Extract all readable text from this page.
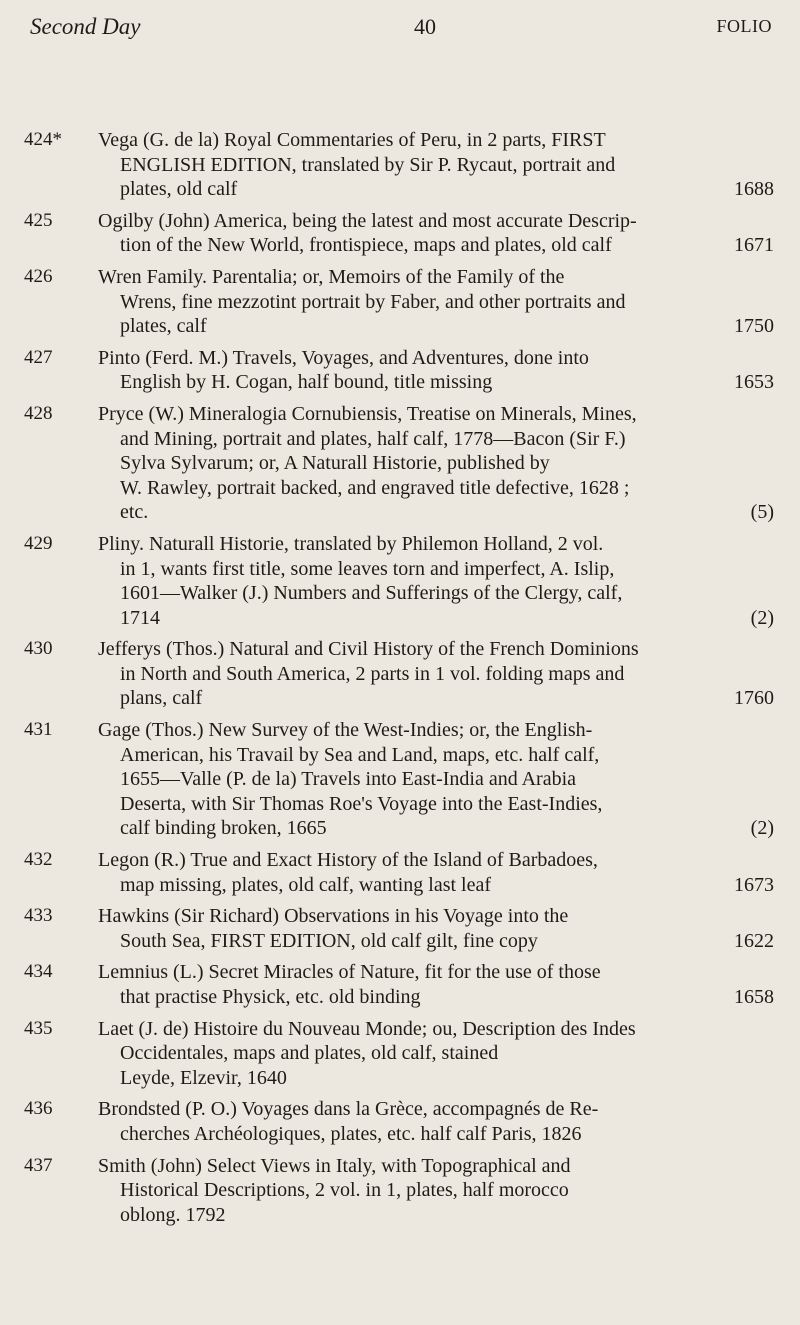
Second Day	40	FOLIO
424*	Vega (G. de la) Royal Commentaries of Peru, in 2 parts, FIRST
ENGLISH EDITION, translated by Sir P. Rycaut, portrait and
plates, old calf	1688
425	Ogilby (John) America, being the latest and most accurate Descrip-
tion of the New World, frontispiece, maps and plates, old calf	1671
426	Wren Family. Parentalia; or, Memoirs of the Family of the
Wrens, fine mezzotint portrait by Faber, and other portraits and
plates, calf	1750
427	Pinto (Ferd. M.) Travels, Voyages, and Adventures, done into
English by H. Cogan, half bound, title missing	1653
428	Pryce (W.) Mineralogia Cornubiensis, Treatise on Minerals, Mines,
and Mining, portrait and plates, half calf, 1778—Bacon (Sir F.)
Sylva Sylvarum; or, A Naturall Historie, published by
W. Rawley, portrait backed, and engraved title defective, 1628 ;
etc.	(5)
429	Pliny. Naturall Historie, translated by Philemon Holland, 2 vol.
in 1, wants first title, some leaves torn and imperfect, A. Islip,
1601—Walker (J.) Numbers and Sufferings of the Clergy, calf,
1714	(2)
430	Jefferys (Thos.) Natural and Civil History of the French Dominions
in North and South America, 2 parts in 1 vol. folding maps and
plans, calf	1760
431	Gage (Thos.) New Survey of the West-Indies; or, the English-
American, his Travail by Sea and Land, maps, etc. half calf,
1655—Valle (P. de la) Travels into East-India and Arabia
Deserta, with Sir Thomas Roe's Voyage into the East-Indies,
calf binding broken, 1665	(2)
432	Legon (R.) True and Exact History of the Island of Barbadoes,
map missing, plates, old calf, wanting last leaf	1673
433	Hawkins (Sir Richard) Observations in his Voyage into the
South Sea, FIRST EDITION, old calf gilt, fine copy	1622
434	Lemnius (L.) Secret Miracles of Nature, fit for the use of those
that practise Physick, etc. old binding	1658
435	Laet (J. de) Histoire du Nouveau Monde; ou, Description des Indes
Occidentales, maps and plates, old calf, stained
Leyde, Elzevir, 1640
436	Brondsted (P. O.) Voyages dans la Grèce, accompagnés de Re-
cherches Archéologiques, plates, etc. half calf Paris, 1826
437	Smith (John) Select Views in Italy, with Topographical and
Historical Descriptions, 2 vol. in 1, plates, half morocco
oblong. 1792
